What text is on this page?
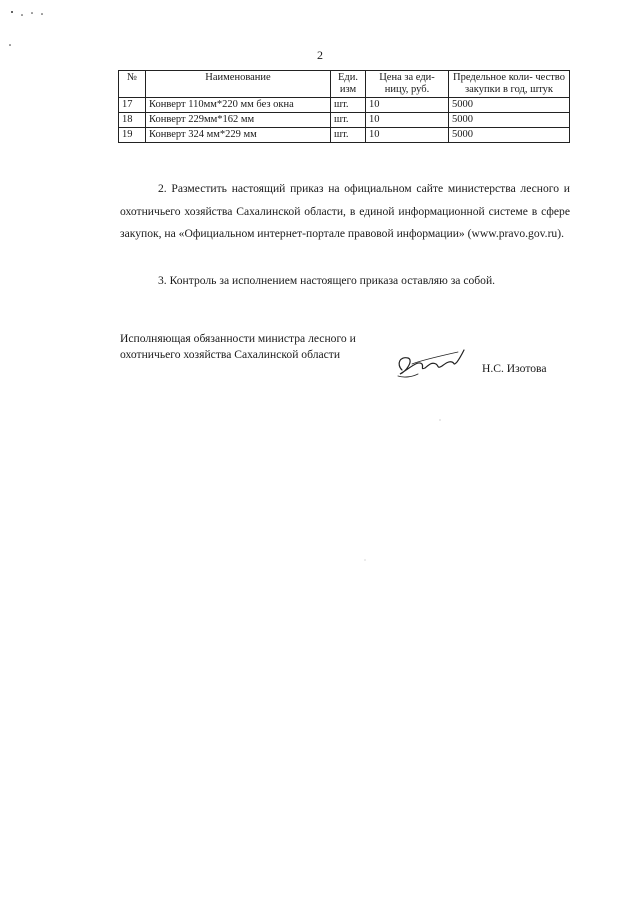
2
№	Наименование	Еди. изм	Цена за еди- ницу, руб.	Предельное коли- чество закупки в год, штук
17	Конверт 110мм*220 мм без окна	шт.	10	5000
18	Конверт 229мм*162 мм	шт.	10	5000
19	Конверт 324 мм*229 мм	шт.	10	5000

2. Разместить настоящий приказ на официальном сайте министерства лесного и охотничьего хозяйства Сахалинской области, в единой информационной системе в сфере закупок, на «Официальном интернет-портале правовой информации» (www.pravo.gov.ru).

3. Контроль за исполнением настоящего приказа оставляю за собой.

Исполняющая обязанности министра лесного и охотничьего хозяйства Сахалинской области

Н.С. Изотова
